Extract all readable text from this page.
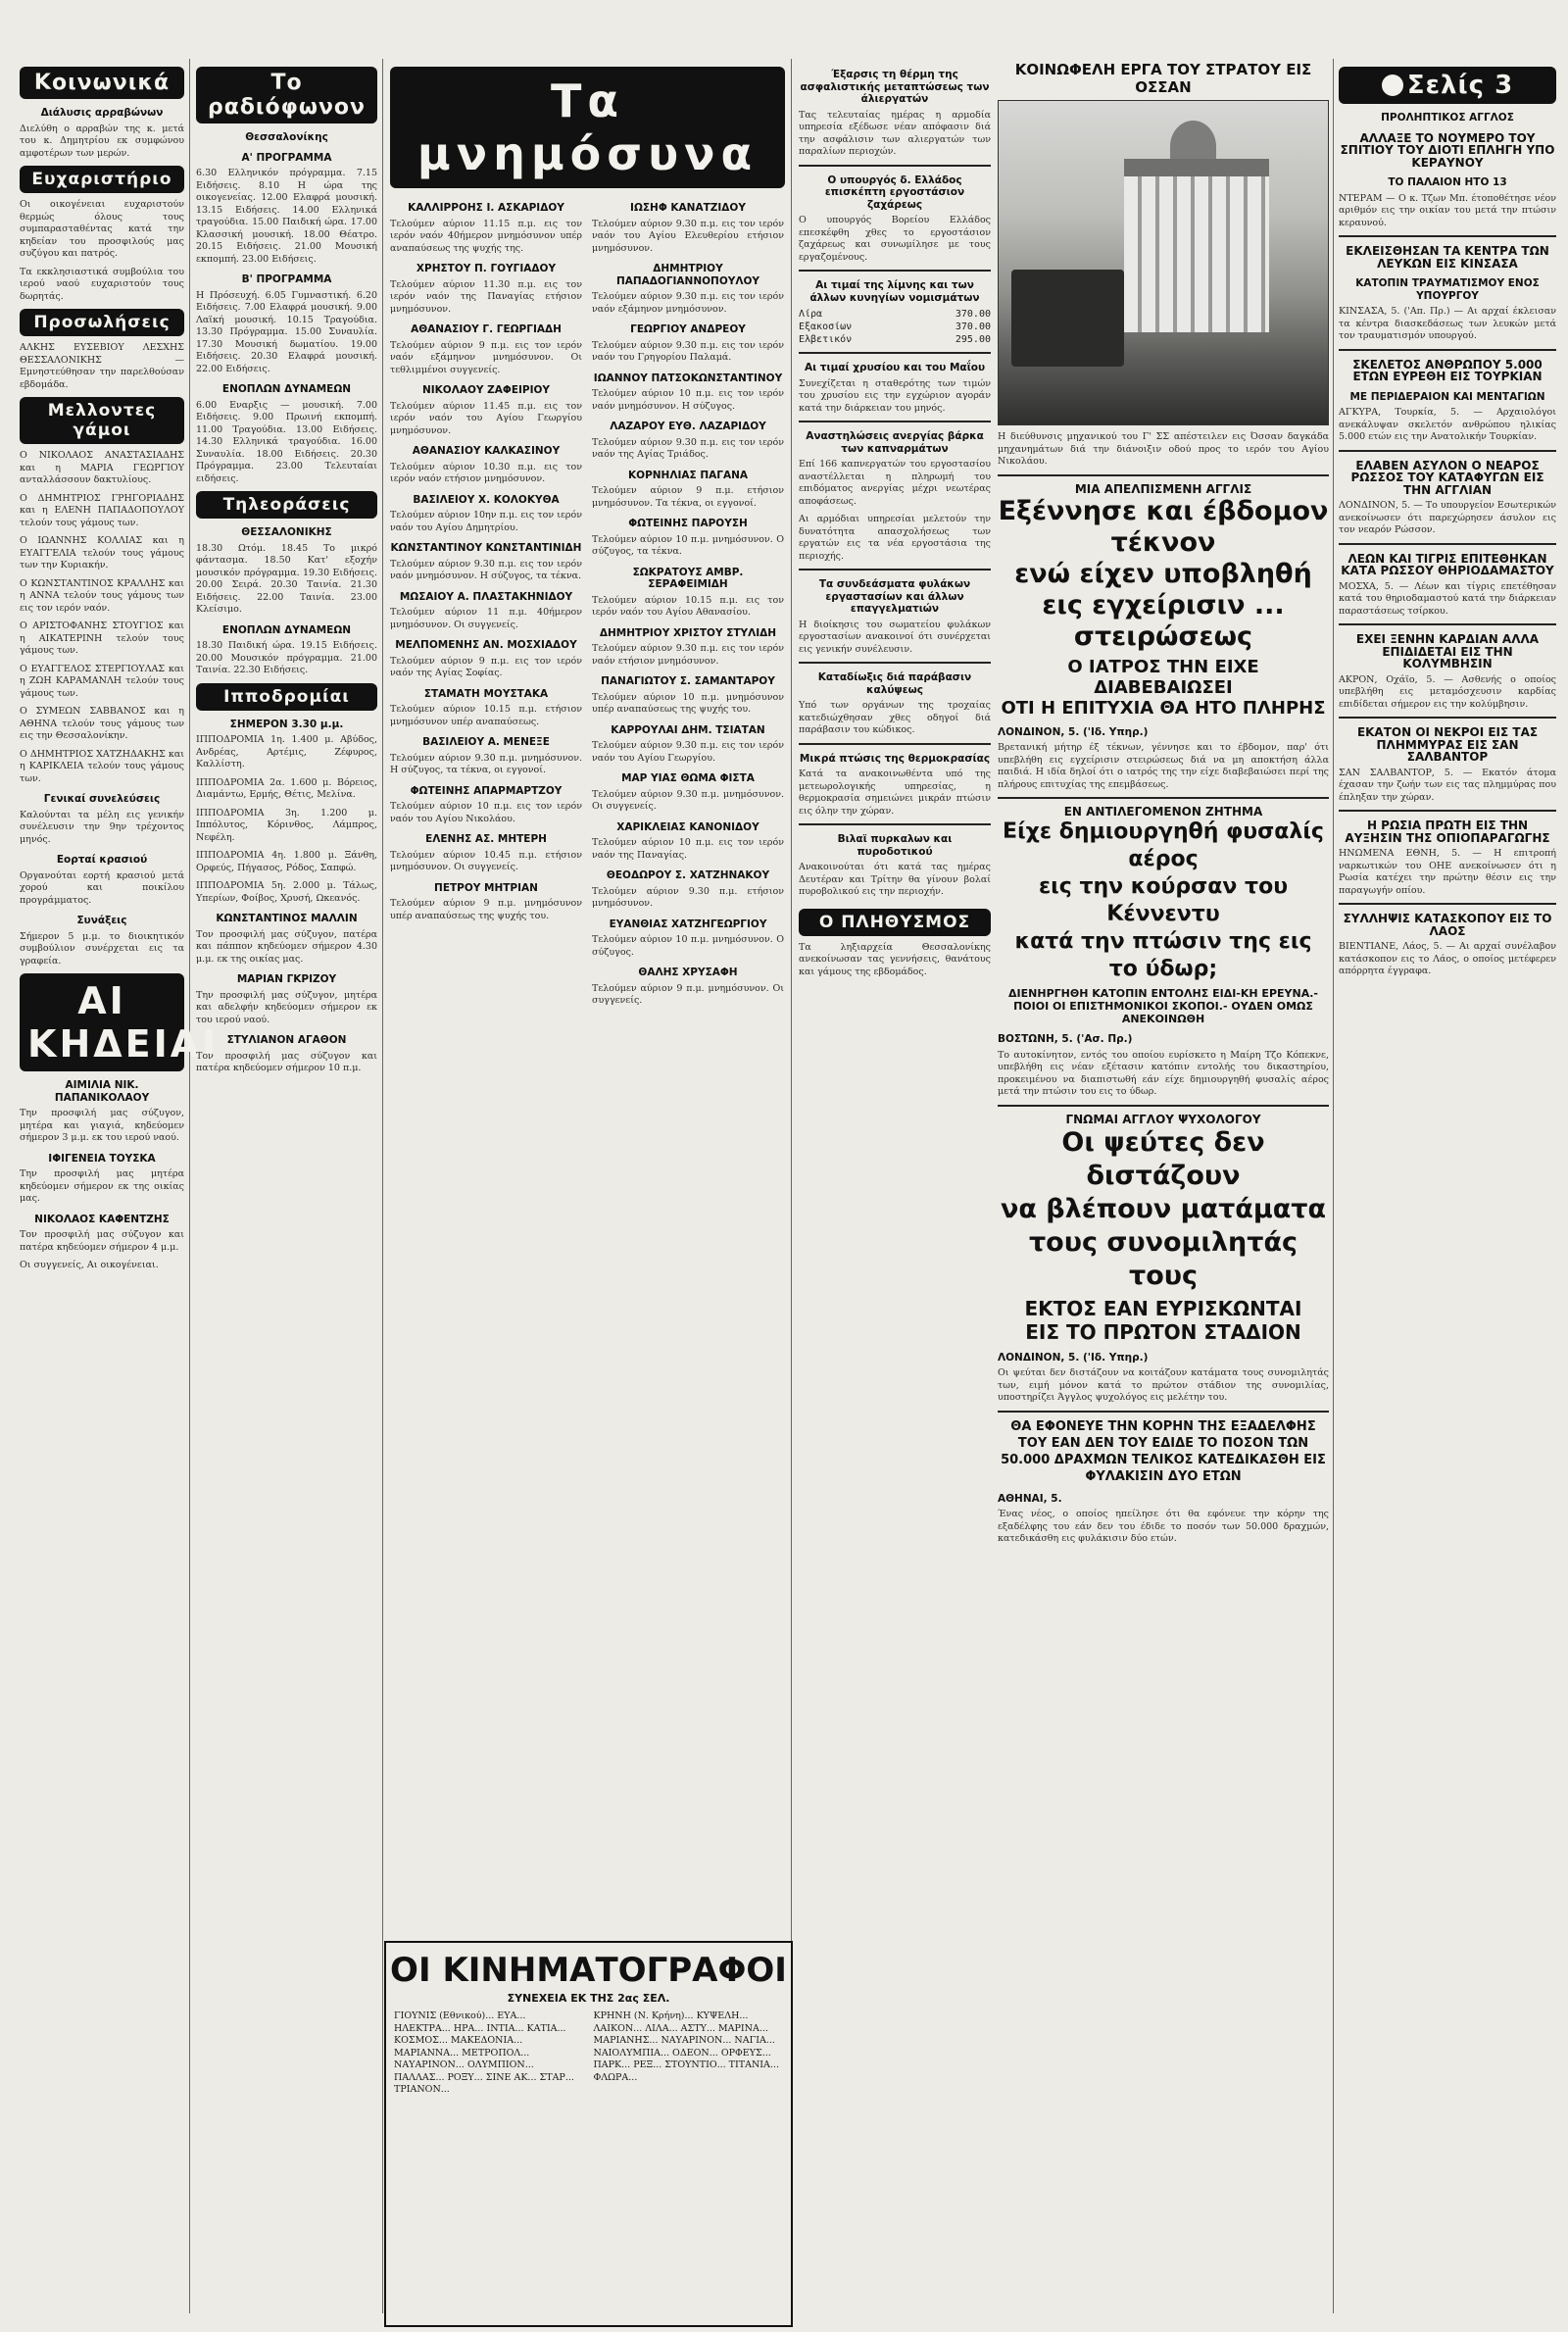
Κοινωνικά

Διάλυσις αρραβώνων

Διελύθη ο αρραβών της κ. μετά του κ. Δημητρίου εκ συμφώνου αμφοτέρων των μερών.

Ευχαριστήριο

Οι οικογένειαι ευχαριστούν θερμώς όλους τους συμπαρασταθέντας κατά την κηδείαν του προσφιλούς μας συζύγου και πατρός.

Τα εκκλησιαστικά συμβούλια του ιερού ναού ευχαριστούν τους δωρητάς.

Προσωλήσεις

ΑΛΚΗΣ ΕΥΣΕΒΙΟΥ ΛΕΣΧΗΣ ΘΕΣΣΑΛΟΝΙΚΗΣ — Εμνηστεύθησαν την παρελθούσαν εβδομάδα.

Μελλοντες γάμοι

Ο ΝΙΚΟΛΑΟΣ ΑΝΑΣΤΑΣΙΑΔΗΣ και η ΜΑΡΙΑ ΓΕΩΡΓΙΟΥ ανταλλάσσουν δακτυλίους.

Ο ΔΗΜΗΤΡΙΟΣ ΓΡΗΓΟΡΙΑΔΗΣ και η ΕΛΕΝΗ ΠΑΠΑΔΟΠΟΥΛΟΥ τελούν τους γάμους των.

Ο ΙΩΑΝΝΗΣ ΚΟΛΛΙΑΣ και η ΕΥΑΓΓΕΛΙΑ τελούν τους γάμους των την Κυριακήν.

Ο ΚΩΝΣΤΑΝΤΙΝΟΣ ΚΡΑΛΛΗΣ και η ΑΝΝΑ τελούν τους γάμους των εις τον ιερόν ναόν.

Ο ΑΡΙΣΤΟΦΑΝΗΣ ΣΤΟΥΓΙΟΣ και η ΑΙΚΑΤΕΡΙΝΗ τελούν τους γάμους των.

Ο ΕΥΑΓΓΕΛΟΣ ΣΤΕΡΓΙΟΥΛΑΣ και η ΖΩΗ ΚΑΡΑΜΑΝΛΗ τελούν τους γάμους των.

Ο ΣΥΜΕΩΝ ΣΑΒΒΑΝΟΣ και η ΑΘΗΝΑ τελούν τους γάμους των εις την Θεσσαλονίκην.

Ο ΔΗΜΗΤΡΙΟΣ ΧΑΤΖΗΔΑΚΗΣ και η ΚΑΡΙΚΛΕΙΑ τελούν τους γάμους των.

Γενικαί συνελεύσεις

Καλούνται τα μέλη εις γενικήν συνέλευσιν την 9ην τρέχοντος μηνός.

Εορταί κρασιού

Οργανούται εορτή κρασιού μετά χορού και ποικίλου προγράμματος.

Συνάξεις

Σήμερον 5 μ.μ. το διοικητικόν συμβούλιον συνέρχεται εις τα γραφεία.

ΑΙ ΚΗΔΕΙΑΙ

ΑΙΜΙΛΙΑ ΝΙΚ. ΠΑΠΑΝΙΚΟΛΑΟΥ

Την προσφιλή μας σύζυγον, μητέρα και γιαγιά, κηδεύομεν σήμερον 3 μ.μ. εκ του ιερού ναού.

ΙΦΙΓΕΝΕΙΑ ΤΟΥΣΚΑ

Την προσφιλή μας μητέρα κηδεύομεν σήμερον εκ της οικίας μας.

ΝΙΚΟΛΑΟΣ ΚΑΦΕΝΤΖΗΣ

Τον προσφιλή μας σύζυγον και πατέρα κηδεύομεν σήμερον 4 μ.μ.

Οι συγγενείς, Αι οικογένειαι.

Το ραδιόφωνον

Θεσσαλονίκης

Α' ΠΡΟΓΡΑΜΜΑ

6.30 Ελληνικόν πρόγραμμα. 7.15 Ειδήσεις. 8.10 Η ώρα της οικογενείας. 12.00 Ελαφρά μουσική. 13.15 Ειδήσεις. 14.00 Ελληνικά τραγούδια. 15.00 Παιδική ώρα. 17.00 Κλασσική μουσική. 18.00 Θέατρο. 20.15 Ειδήσεις. 21.00 Μουσική εκπομπή. 23.00 Ειδήσεις.

Β' ΠΡΟΓΡΑΜΜΑ

Η Πρόσευχή. 6.05 Γυμναστική. 6.20 Ειδήσεις. 7.00 Ελαφρά μουσική. 9.00 Λαϊκή μουσική. 10.15 Τραγούδια. 13.30 Πρόγραμμα. 15.00 Συναυλία. 17.30 Μουσική δωματίου. 19.00 Ειδήσεις. 20.30 Ελαφρά μουσική. 22.00 Ειδήσεις.

ΕΝΟΠΛΩΝ ΔΥΝΑΜΕΩΝ

6.00 Εναρξις — μουσική. 7.00 Ειδήσεις. 9.00 Πρωινή εκπομπή. 11.00 Τραγούδια. 13.00 Ειδήσεις. 14.30 Ελληνικά τραγούδια. 16.00 Συναυλία. 18.00 Ειδήσεις. 20.30 Πρόγραμμα. 23.00 Τελευταίαι ειδήσεις.

Τηλεοράσεις

ΘΕΣΣΑΛΟΝΙΚΗΣ

18.30 Ωτόμ. 18.45 Το μικρό φάντασμα. 18.50 Κατ' εξοχήν μουσικόν πρόγραμμα. 19.30 Ειδήσεις. 20.00 Σειρά. 20.30 Ταινία. 21.30 Ειδήσεις. 22.00 Ταινία. 23.00 Κλείσιμο.

ΕΝΟΠΛΩΝ ΔΥΝΑΜΕΩΝ

18.30 Παιδική ώρα. 19.15 Ειδήσεις. 20.00 Μουσικόν πρόγραμμα. 21.00 Ταινία. 22.30 Ειδήσεις.

Ιπποδρομίαι

ΣΗΜΕΡΟΝ 3.30 μ.μ.

ΙΠΠΟΔΡΟΜΙΑ 1η. 1.400 μ. Αβύδος, Ανδρέας, Αρτέμις, Ζέφυρος, Καλλίστη.

ΙΠΠΟΔΡΟΜΙΑ 2α. 1.600 μ. Βόρειος, Διαμάντω, Ερμής, Θέτις, Μελίνα.

ΙΠΠΟΔΡΟΜΙΑ 3η. 1.200 μ. Ιππόλυτος, Κόρινθος, Λάμπρος, Νεφέλη.

ΙΠΠΟΔΡΟΜΙΑ 4η. 1.800 μ. Ξάνθη, Ορφεύς, Πήγασος, Ρόδος, Σαπφώ.

ΙΠΠΟΔΡΟΜΙΑ 5η. 2.000 μ. Τάλως, Υπερίων, Φοίβος, Χρυσή, Ωκεανός.

ΚΩΝΣΤΑΝΤΙΝΟΣ ΜΑΛΛΙΝ

Τον προσφιλή μας σύζυγον, πατέρα και πάππον κηδεύομεν σήμερον 4.30 μ.μ. εκ της οικίας μας.

ΜΑΡΙΑΝ ΓΚΡΙΖΟΥ

Την προσφιλή μας σύζυγον, μητέρα και αδελφήν κηδεύομεν σήμερον εκ του ιερού ναού.

ΣΤΥΛΙΑΝΟΝ ΑΓΑΘΟΝ

Τον προσφιλή μας σύζυγον και πατέρα κηδεύομεν σήμερον 10 π.μ.

Τα μνημόσυνα

ΚΑΛΛΙΡΡΟΗΣ Ι. ΑΣΚΑΡΙΔΟΥ

Τελούμεν αύριον 11.15 π.μ. εις τον ιερόν ναόν 40ήμερον μνημόσυνον υπέρ αναπαύσεως της ψυχής της.

ΧΡΗΣΤΟΥ Π. ΓΟΥΓΙΑΔΟΥ

Τελούμεν αύριον 11.30 π.μ. εις τον ιερόν ναόν της Παναγίας ετήσιον μνημόσυνον.

ΑΘΑΝΑΣΙΟΥ Γ. ΓΕΩΡΓΙΑΔΗ

Τελούμεν αύριον 9 π.μ. εις τον ιερόν ναόν εξάμηνον μνημόσυνον. Οι τεθλιμμένοι συγγενείς.

ΝΙΚΟΛΑΟΥ ΖΑΦΕΙΡΙΟΥ

Τελούμεν αύριον 11.45 π.μ. εις τον ιερόν ναόν του Αγίου Γεωργίου μνημόσυνον.

ΑΘΑΝΑΣΙΟΥ ΚΑΛΚΑΣΙΝΟΥ

Τελούμεν αύριον 10.30 π.μ. εις τον ιερόν ναόν ετήσιον μνημόσυνον.

ΒΑΣΙΛΕΙΟΥ Χ. ΚΟΛΟΚΥΘΑ

Τελούμεν αύριον 10ην π.μ. εις τον ιερόν ναόν του Αγίου Δημητρίου.

ΚΩΝΣΤΑΝΤΙΝΟΥ ΚΩΝΣΤΑΝΤΙΝΙΔΗ

Τελούμεν αύριον 9.30 π.μ. εις τον ιερόν ναόν μνημόσυνον. Η σύζυγος, τα τέκνα.

ΜΩΣΑΙΟΥ Α. ΠΛΑΣΤΑΚΗΝΙΔΟΥ

Τελούμεν αύριον 11 π.μ. 40ήμερον μνημόσυνον. Οι συγγενείς.

ΜΕΛΠΟΜΕΝΗΣ ΑΝ. ΜΟΣΧΙΑΔΟΥ

Τελούμεν αύριον 9 π.μ. εις τον ιερόν ναόν της Αγίας Σοφίας.

ΣΤΑΜΑΤΗ ΜΟΥΣΤΑΚΑ

Τελούμεν αύριον 10.15 π.μ. ετήσιον μνημόσυνον υπέρ αναπαύσεως.

ΒΑΣΙΛΕΙΟΥ Α. ΜΕΝΕΞΕ

Τελούμεν αύριον 9.30 π.μ. μνημόσυνον. Η σύζυγος, τα τέκνα, οι εγγονοί.

ΦΩΤΕΙΝΗΣ ΑΠΑΡΜΑΡΤΖΟΥ

Τελούμεν αύριον 10 π.μ. εις τον ιερόν ναόν του Αγίου Νικολάου.

ΕΛΕΝΗΣ ΑΣ. ΜΗΤΕΡΗ

Τελούμεν αύριον 10.45 π.μ. ετήσιον μνημόσυνον. Οι συγγενείς.

ΠΕΤΡΟΥ ΜΗΤΡΙΑΝ

Τελούμεν αύριον 9 π.μ. μνημόσυνον υπέρ αναπαύσεως της ψυχής του.

ΙΩΣΗΦ ΚΑΝΑΤΖΙΔΟΥ

Τελούμεν αύριον 9.30 π.μ. εις τον ιερόν ναόν του Αγίου Ελευθερίου ετήσιον μνημόσυνον.

ΔΗΜΗΤΡΙΟΥ ΠΑΠΑΔΟΓΙΑΝΝΟΠΟΥΛΟΥ

Τελούμεν αύριον 9.30 π.μ. εις τον ιερόν ναόν εξάμηνον μνημόσυνον.

ΓΕΩΡΓΙΟΥ ΑΝΔΡΕΟΥ

Τελούμεν αύριον 9.30 π.μ. εις τον ιερόν ναόν του Γρηγορίου Παλαμά.

ΙΩΑΝΝΟΥ ΠΑΤΣΟΚΩΝΣΤΑΝΤΙΝΟΥ

Τελούμεν αύριον 10 π.μ. εις τον ιερόν ναόν μνημόσυνον. Η σύζυγος.

ΛΑΖΑΡΟΥ ΕΥΘ. ΛΑΖΑΡΙΔΟΥ

Τελούμεν αύριον 9.30 π.μ. εις τον ιερόν ναόν της Αγίας Τριάδος.

ΚΟΡΝΗΛΙΑΣ ΠΑΓΑΝΑ

Τελούμεν αύριον 9 π.μ. ετήσιον μνημόσυνον. Τα τέκνα, οι εγγονοί.

ΦΩΤΕΙΝΗΣ ΠΑΡΟΥΣΗ

Τελούμεν αύριον 10 π.μ. μνημόσυνον. Ο σύζυγος, τα τέκνα.

ΣΩΚΡΑΤΟΥΣ ΑΜΒΡ. ΣΕΡΑΦΕΙΜΙΔΗ

Τελούμεν αύριον 10.15 π.μ. εις τον ιερόν ναόν του Αγίου Αθανασίου.

ΔΗΜΗΤΡΙΟΥ ΧΡΙΣΤΟΥ ΣΤΥΛΙΔΗ

Τελούμεν αύριον 9.30 π.μ. εις τον ιερόν ναόν ετήσιον μνημόσυνον.

ΠΑΝΑΓΙΩΤΟΥ Σ. ΣΑΜΑΝΤΑΡΟΥ

Τελούμεν αύριον 10 π.μ. μνημόσυνον υπέρ αναπαύσεως της ψυχής του.

ΚΑΡΡΟΥΛΑΙ ΔΗΜ. ΤΣΙΑΤΑΝ

Τελούμεν αύριον 9.30 π.μ. εις τον ιερόν ναόν του Αγίου Γεωργίου.

ΜΑΡ ΥΙΑΣ ΘΩΜΑ ΦΙΣΤΑ

Τελούμεν αύριον 9.30 π.μ. μνημόσυνον. Οι συγγενείς.

ΧΑΡΙΚΛΕΙΑΣ ΚΑΝΟΝΙΔΟΥ

Τελούμεν αύριον 10 π.μ. εις τον ιερόν ναόν της Παναγίας.

ΘΕΟΔΩΡΟΥ Σ. ΧΑΤΖΗΝΑΚΟΥ

Τελούμεν αύριον 9.30 π.μ. ετήσιον μνημόσυνον.

ΕΥΑΝΘΙΑΣ ΧΑΤΖΗΓΕΩΡΓΙΟΥ

Τελούμεν αύριον 10 π.μ. μνημόσυνον. Ο σύζυγος.

ΘΑΛΗΣ ΧΡΥΣΑΦΗ

Τελούμεν αύριον 9 π.μ. μνημόσυνον. Οι συγγενείς.

ΟΙ ΚΙΝΗΜΑΤΟΓΡΑΦΟΙ
ΣΥΝΕΧΕΙΑ ΕΚ ΤΗΣ 2ας ΣΕΛ.
ΓΙΟΥΝΙΣ (Εθνικού)... ΕΥΑ... ΗΛΕΚΤΡΑ... ΗΡΑ... ΙΝΤΙΑ... ΚΑΤΙΑ... ΚΟΣΜΟΣ... ΜΑΚΕΔΟΝΙΑ... ΜΑΡΙΑΝΝΑ... ΜΕΤΡΟΠΟΛ... ΝΑΥΑΡΙΝΟΝ... ΟΛΥΜΠΙΟΝ... ΠΑΛΛΑΣ... ΡΟΞΥ... ΣΙΝΕ ΑΚ... ΣΤΑΡ... ΤΡΙΑΝΟΝ...
ΚΡΗΝΗ (Ν. Κρήνη)... ΚΥΨΕΛΗ... ΛΑΙΚΟΝ... ΛΙΛΑ... ΑΣΤΥ... ΜΑΡΙΝΑ... ΜΑΡΙΑΝΗΣ... ΝΑΥΑΡΙΝΟΝ... ΝΑΓΙΑ... ΝΑΙΟΛΥΜΠΙΑ... ΟΔΕΟΝ... ΟΡΦΕΥΣ... ΠΑΡΚ... ΡΕΞ... ΣΤΟΥΝΤΙΟ... ΤΙΤΑΝΙΑ... ΦΛΩΡΑ...

Έξαρσις τη θέρμη της ασφαλιστικής μεταπτώσεως των άλιεργατών

Τας τελευταίας ημέρας η αρμοδία υπηρεσία εξέδωσε νέαν απόφασιν διά την ασφάλισιν των αλιεργατών των παραλίων περιοχών.

Ο υπουργός δ. Ελλάδος επισκέπτη εργοστάσιον ζαχάρεως

Ο υπουργός Βορείου Ελλάδος επεσκέφθη χθες το εργοστάσιον ζαχάρεως και συνωμίλησε με τους εργαζομένους.

Αι τιμαί της λίμνης και των άλλων κυνηγίων νομισμάτων

Λίρα	370.00
Εξακοσίων	370.00
Ελβετικόν	295.00

Αι τιμαί χρυσίου και του Μαΐου

Συνεχίζεται η σταθερότης των τιμών του χρυσίου εις την εγχώριον αγοράν κατά την διάρκειαν του μηνός.

Αναστηλώσεις ανεργίας βάρκα των καπναρμάτων

Επί 166 καπνεργατών του εργοστασίου αναστέλλεται η πληρωμή του επιδόματος ανεργίας μέχρι νεωτέρας αποφάσεως.

Αι αρμόδιαι υπηρεσίαι μελετούν την δυνατότητα απασχολήσεως των εργατών εις τα νέα εργοστάσια της περιοχής.

Τα συνδεάσματα φυλάκων εργαστασίων και άλλων επαγγελματιών

Η διοίκησις του σωματείου φυλάκων εργοστασίων ανακοινοί ότι συνέρχεται εις γενικήν συνέλευσιν.

Καταδίωξις διά παράβασιν καλύψεως

Υπό των οργάνων της τροχαίας κατεδιώχθησαν χθες οδηγοί διά παράβασιν του κώδικος.

Μικρά πτώσις της θερμοκρασίας

Κατά τα ανακοινωθέντα υπό της μετεωρολογικής υπηρεσίας, η θερμοκρασία σημειώνει μικράν πτώσιν εις όλην την χώραν.

Βιλαϊ πυρκαλων και πυροδοτικού

Ανακοινούται ότι κατά τας ημέρας Δευτέραν και Τρίτην θα γίνουν βολαί πυροβολικού εις την περιοχήν.

Ο ΠΛΗΘΥΣΜΟΣ

Τα ληξιαρχεία Θεσσαλονίκης ανεκοίνωσαν τας γεννήσεις, θανάτους και γάμους της εβδομάδος.

ΚΟΙΝΩΦΕΛΗ ΕΡΓΑ ΤΟΥ ΣΤΡΑΤΟΥ ΕΙΣ ΟΣΣΑΝ

Η διεύθυνσις μηχανικού του Γ' ΣΣ απέστειλεν εις Όσσαν δαγκάδα μηχανημάτων διά την διάνοιξιν οδού προς το ιερόν του Αγίου Νικολάου.

ΜΙΑ ΑΠΕΛΠΙΣΜΕΝΗ ΑΓΓΛΙΣ
Εξέννησε και έβδομον τέκνον
ενώ είχεν υποβληθή
εις εγχείρισιν ... στειρώσεως
Ο ΙΑΤΡΟΣ ΤΗΝ ΕΙΧΕ ΔΙΑΒΕΒΑΙΩΣΕΙ
ΟΤΙ Η ΕΠΙΤΥΧΙΑ ΘΑ ΗΤΟ ΠΛΗΡΗΣ

ΛΟΝΔΙΝΟΝ, 5. ('Ιδ. Υπηρ.)

Βρετανική μήτηρ έξ τέκνων, γέννησε και το έβδομον, παρ' ότι υπεβλήθη εις εγχείρισιν στειρώσεως διά να μη αποκτήση άλλα παιδιά. Η ιδία δηλοί ότι ο ιατρός της την είχε διαβεβαιώσει περί της πλήρους επιτυχίας της επεμβάσεως.

ΕΝ ΑΝΤΙΛΕΓΟΜΕΝΟΝ ΖΗΤΗΜΑ
Είχε δημιουργηθή φυσαλίς αέρος
εις την κούρσαν του Κέννεντυ
κατά την πτώσιν της εις το ύδωρ;
ΔΙΕΝΗΡΓΗΘΗ ΚΑΤΟΠΙΝ ΕΝΤΟΛΗΣ ΕΙΔΙ-ΚΗ ΕΡΕΥΝΑ.- ΠΟΙΟΙ ΟΙ ΕΠΙΣΤΗΜΟΝΙΚΟΙ ΣΚΟΠΟΙ.- ΟΥΔΕΝ ΟΜΩΣ ΑΝΕΚΟΙΝΩΘΗ

ΒΟΣΤΩΝΗ, 5. ('Ασ. Πρ.)

Το αυτοκίνητον, εντός του οποίου ευρίσκετο η Μαίρη Τζο Κόπεκνε, υπεβλήθη εις νέαν εξέτασιν κατόπιν εντολής του δικαστηρίου, προκειμένου να διαπιστωθή εάν είχε δημιουργηθή φυσαλίς αέρος μετά την πτώσιν του εις το ύδωρ.

ΓΝΩΜΑΙ ΑΓΓΛΟΥ ΨΥΧΟΛΟΓΟΥ
Οι ψεύτες δεν διστάζουν
να βλέπουν ματάματα
τους συνομιλητάς τους
ΕΚΤΟΣ ΕΑΝ ΕΥΡΙΣΚΩΝΤΑΙ
ΕΙΣ ΤΟ ΠΡΩΤΟΝ ΣΤΑΔΙΟΝ

ΛΟΝΔΙΝΟΝ, 5. ('Ιδ. Υπηρ.)

Οι ψεύται δεν διστάζουν να κοιτάζουν κατάματα τους συνομιλητάς των, ειμή μόνον κατά το πρώτον στάδιον της συνομιλίας, υποστηρίζει Άγγλος ψυχολόγος εις μελέτην του.

ΘΑ ΕΦΟΝΕΥΕ ΤΗΝ ΚΟΡΗΝ ΤΗΣ ΕΞΑΔΕΛΦΗΣ ΤΟΥ ΕΑΝ ΔΕΝ ΤΟΥ ΕΔΙΔΕ ΤΟ ΠΟΣΟΝ ΤΩΝ 50.000 ΔΡΑΧΜΩΝ ΤΕΛΙΚΟΣ ΚΑΤΕΔΙΚΑΣΘΗ ΕΙΣ ΦΥΛΑΚΙΣΙΝ ΔΥΟ ΕΤΩΝ

ΑΘΗΝΑΙ, 5.

Ένας νέος, ο οποίος ηπείλησε ότι θα εφόνευε την κόρην της εξαδέλφης του εάν δεν του έδιδε το ποσόν των 50.000 δραχμών, κατεδικάσθη εις φυλάκισιν δύο ετών.

Σελίς 3

ΠΡΟΛΗΠΤΙΚΟΣ ΑΓΓΛΟΣ

ΑΛΛΑΞΕ ΤΟ ΝΟΥΜΕΡΟ ΤΟΥ ΣΠΙΤΙΟΥ ΤΟΥ ΔΙΟΤΙ ΕΠΛΗΓΗ ΥΠΟ ΚΕΡΑΥΝΟΥ

ΤΟ ΠΑΛΑΙΟΝ ΗΤΟ 13

ΝΤΕΡΑΜ — Ο κ. Τζων Μπ. έτοποθέτησε νέον αριθμόν εις την οικίαν του μετά την πτώσιν κεραυνού.

ΕΚΛΕΙΣΘΗΣΑΝ ΤΑ ΚΕΝΤΡΑ ΤΩΝ ΛΕΥΚΩΝ ΕΙΣ ΚΙΝΣΑΣΑ

ΚΑΤΟΠΙΝ ΤΡΑΥΜΑΤΙΣΜΟΥ ΕΝΟΣ ΥΠΟΥΡΓΟΥ

ΚΙΝΣΑΣΑ, 5. ('Απ. Πρ.) — Αι αρχαί έκλεισαν τα κέντρα διασκεδάσεως των λευκών μετά τον τραυματισμόν υπουργού.

ΣΚΕΛΕΤΟΣ ΑΝΘΡΩΠΟΥ 5.000 ΕΤΩΝ ΕΥΡΕΘΗ ΕΙΣ ΤΟΥΡΚΙΑΝ

ΜΕ ΠΕΡΙΔΕΡΑΙΟΝ ΚΑΙ ΜΕΝΤΑΓΙΩΝ

ΑΓΚΥΡΑ, Τουρκία, 5. — Αρχαιολόγοι ανεκάλυψαν σκελετόν ανθρώπου ηλικίας 5.000 ετών εις την Ανατολικήν Τουρκίαν.

ΕΛΑΒΕΝ ΑΣΥΛΟΝ Ο ΝΕΑΡΟΣ ΡΩΣΣΟΣ ΤΟΥ ΚΑΤΑΦΥΓΩΝ ΕΙΣ ΤΗΝ ΑΓΓΛΙΑΝ

ΛΟΝΔΙΝΟΝ, 5. — Το υπουργείον Εσωτερικών ανεκοίνωσεν ότι παρεχώρησεν άσυλον εις τον νεαρόν Ρώσσον.

ΛΕΩΝ ΚΑΙ ΤΙΓΡΙΣ ΕΠΙΤΕΘΗΚΑΝ ΚΑΤΑ ΡΩΣΣΟΥ ΘΗΡΙΟΔΑΜΑΣΤΟΥ

ΜΟΣΧΑ, 5. — Λέων και τίγρις επετέθησαν κατά του θηριοδαμαστού κατά την διάρκειαν παραστάσεως τσίρκου.

ΕΧΕΙ ΞΕΝΗΝ ΚΑΡΔΙΑΝ ΑΛΛΑ ΕΠΙΔΙΔΕΤΑΙ ΕΙΣ ΤΗΝ ΚΟΛΥΜΒΗΣΙΝ

ΑΚΡΟΝ, Οχάϊο, 5. — Ασθενής ο οποίος υπεβλήθη εις μεταμόσχευσιν καρδίας επιδίδεται σήμερον εις την κολύμβησιν.

ΕΚΑΤΟΝ ΟΙ ΝΕΚΡΟΙ ΕΙΣ ΤΑΣ ΠΛΗΜΜΥΡΑΣ ΕΙΣ ΣΑΝ ΣΑΛΒΑΝΤΟΡ

ΣΑΝ ΣΑΛΒΑΝΤΟΡ, 5. — Εκατόν άτομα έχασαν την ζωήν των εις τας πλημμύρας που έπληξαν την χώραν.

Η ΡΩΣΙΑ ΠΡΩΤΗ ΕΙΣ ΤΗΝ ΑΥΞΗΣΙΝ ΤΗΣ ΟΠΙΟΠΑΡΑΓΩΓΗΣ

ΗΝΩΜΕΝΑ ΕΘΝΗ, 5. — Η επιτροπή ναρκωτικών του ΟΗΕ ανεκοίνωσεν ότι η Ρωσία κατέχει την πρώτην θέσιν εις την παραγωγήν οπίου.

ΣΥΛΛΗΨΙΣ ΚΑΤΑΣΚΟΠΟΥ ΕΙΣ ΤΟ ΛΑΟΣ

ΒΙΕΝΤΙΑΝΕ, Λάος, 5. — Αι αρχαί συνέλαβον κατάσκοπον εις το Λάος, ο οποίος μετέφερεν απόρρητα έγγραφα.
